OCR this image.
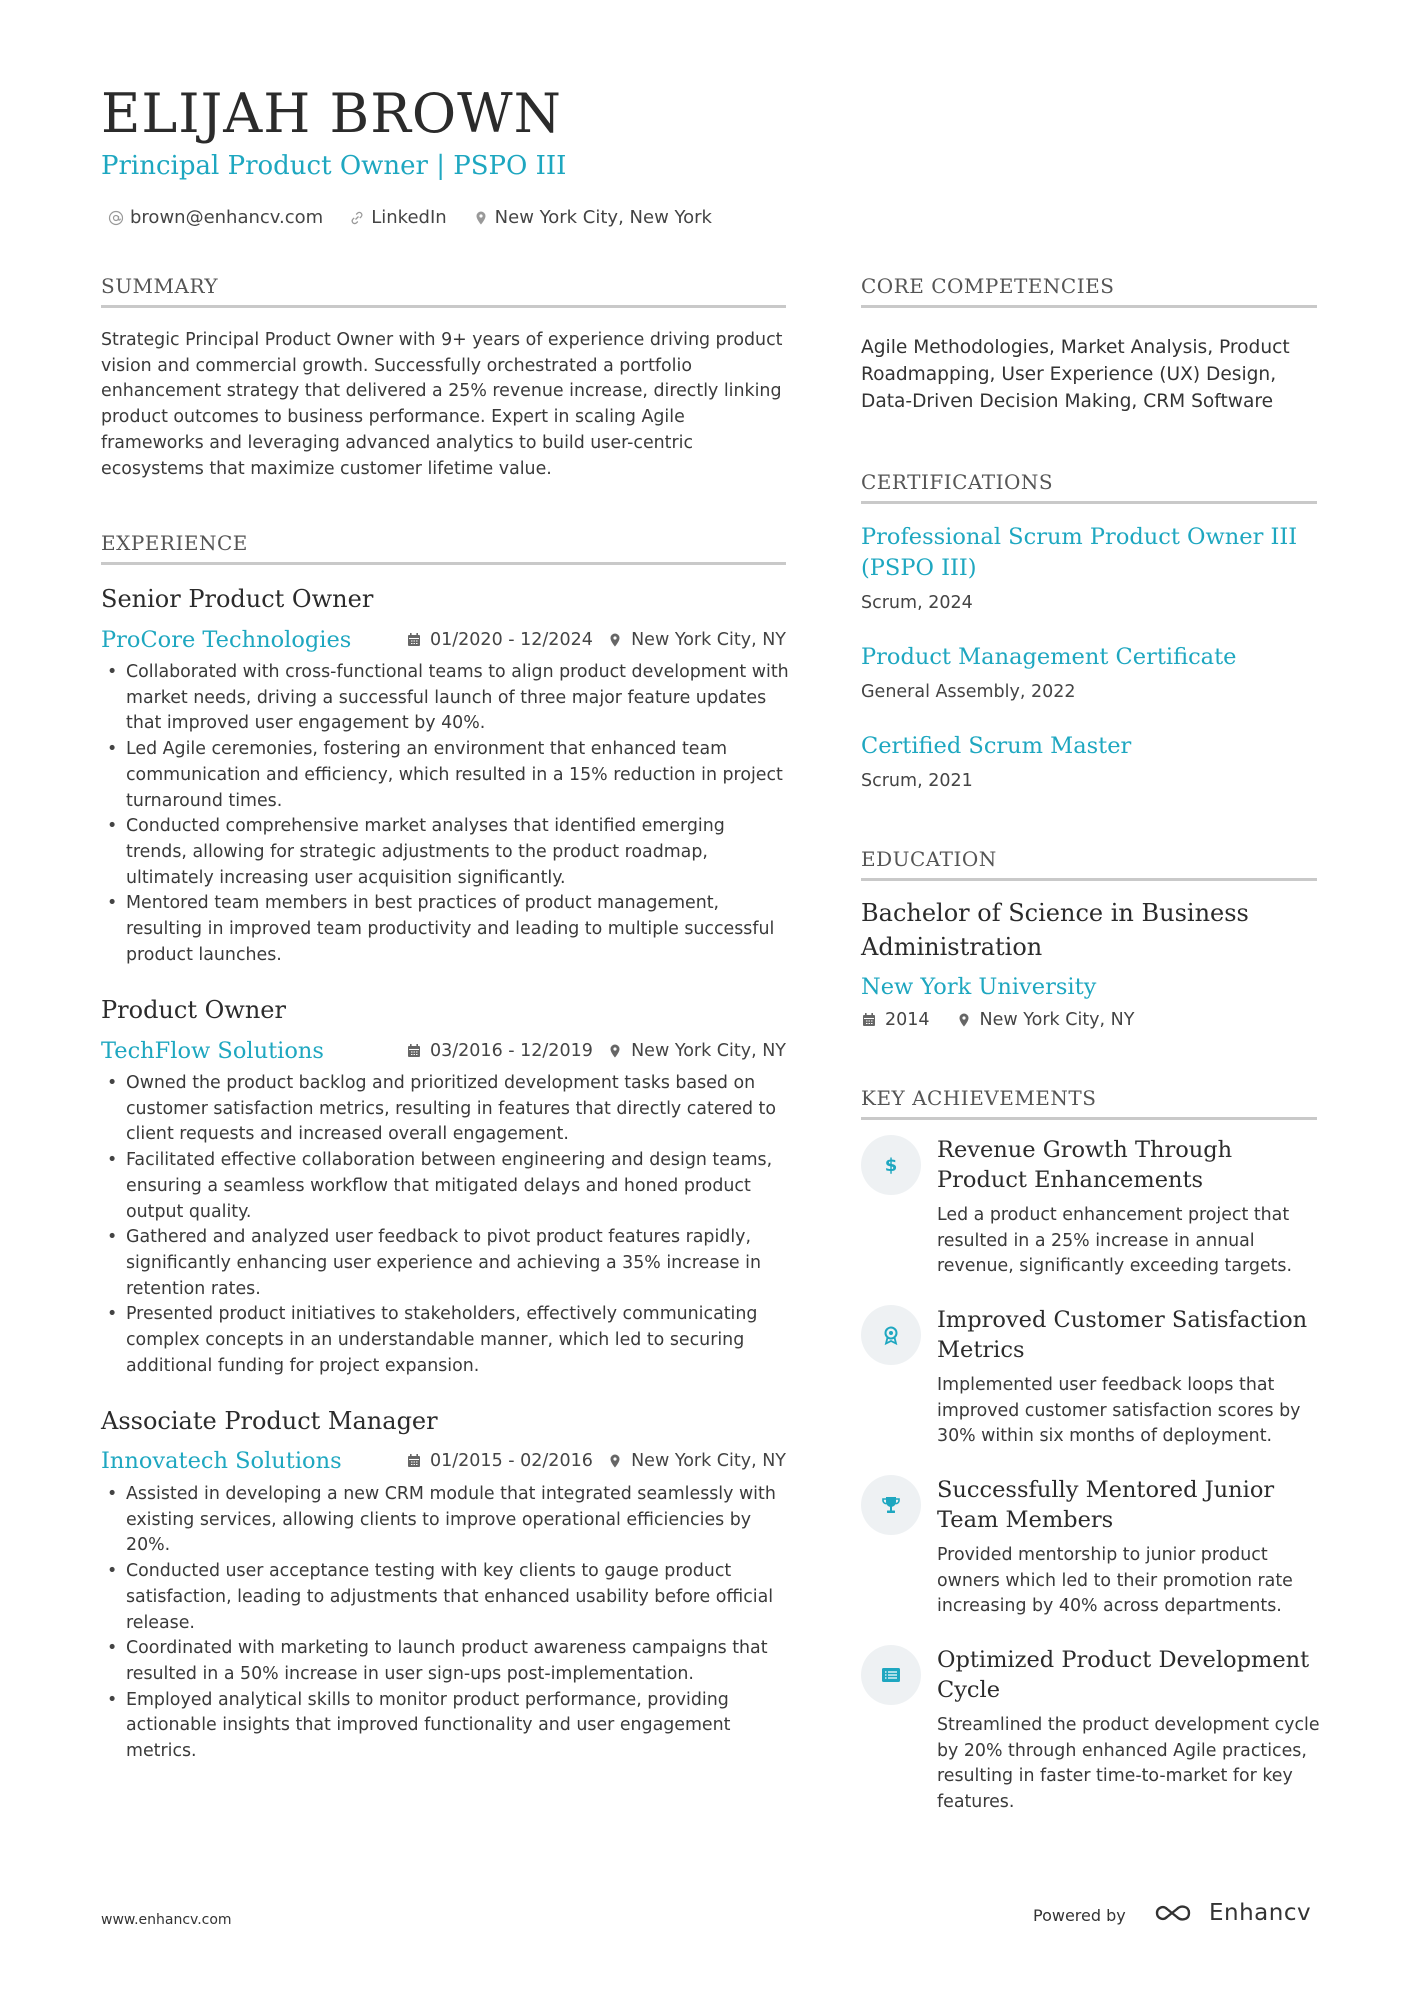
ELIJAH BROWN
Principal Product Owner | PSPO III
brown@enhancv.com	LinkedIn	New York City, New York
SUMMARY
Strategic Principal Product Owner with 9+ years of experience driving product vision and commercial growth. Successfully orchestrated a portfolio enhancement strategy that delivered a 25% revenue increase, directly linking product outcomes to business performance. Expert in scaling Agile frameworks and leveraging advanced analytics to build user-centric ecosystems that maximize customer lifetime value.
EXPERIENCE
Senior Product Owner
ProCore Technologies	01/2020 - 12/2024 New York City, NY
• Collaborated with cross-functional teams to align product development with market needs, driving a successful launch of three major feature updates that improved user engagement by 40%.
• Led Agile ceremonies, fostering an environment that enhanced team communication and efficiency, which resulted in a 15% reduction in project turnaround times.
• Conducted comprehensive market analyses that identified emerging trends, allowing for strategic adjustments to the product roadmap, ultimately increasing user acquisition significantly.
• Mentored team members in best practices of product management, resulting in improved team productivity and leading to multiple successful product launches.
Product Owner
TechFlow Solutions	03/2016 - 12/2019 New York City, NY
• Owned the product backlog and prioritized development tasks based on customer satisfaction metrics, resulting in features that directly catered to client requests and increased overall engagement.
• Facilitated effective collaboration between engineering and design teams, ensuring a seamless workflow that mitigated delays and honed product output quality.
• Gathered and analyzed user feedback to pivot product features rapidly, significantly enhancing user experience and achieving a 35% increase in retention rates.
• Presented product initiatives to stakeholders, effectively communicating complex concepts in an understandable manner, which led to securing additional funding for project expansion.
Associate Product Manager
Innovatech Solutions	01/2015 - 02/2016 New York City, NY
• Assisted in developing a new CRM module that integrated seamlessly with existing services, allowing clients to improve operational efficiencies by 20%.
• Conducted user acceptance testing with key clients to gauge product satisfaction, leading to adjustments that enhanced usability before official release.
• Coordinated with marketing to launch product awareness campaigns that resulted in a 50% increase in user sign-ups post-implementation.
• Employed analytical skills to monitor product performance, providing actionable insights that improved functionality and user engagement metrics.
CORE COMPETENCIES
Agile Methodologies, Market Analysis, Product Roadmapping, User Experience (UX) Design, Data-Driven Decision Making, CRM Software
CERTIFICATIONS
Professional Scrum Product Owner III (PSPO III)
Scrum, 2024
Product Management Certificate
General Assembly, 2022
Certified Scrum Master
Scrum, 2021
EDUCATION
Bachelor of Science in Business Administration
New York University
2014	New York City, NY
KEY ACHIEVEMENTS
$
Revenue Growth Through Product Enhancements
Led a product enhancement project that resulted in a 25% increase in annual revenue, significantly exceeding targets.
Improved Customer Satisfaction Metrics
Implemented user feedback loops that improved customer satisfaction scores by 30% within six months of deployment.
Successfully Mentored Junior Team Members
Provided mentorship to junior product owners which led to their promotion rate increasing by 40% across departments.
Optimized Product Development Cycle
Streamlined the product development cycle by 20% through enhanced Agile practices, resulting in faster time-to-market for key features.
www.enhancv.com	Powered by	Enhancv
